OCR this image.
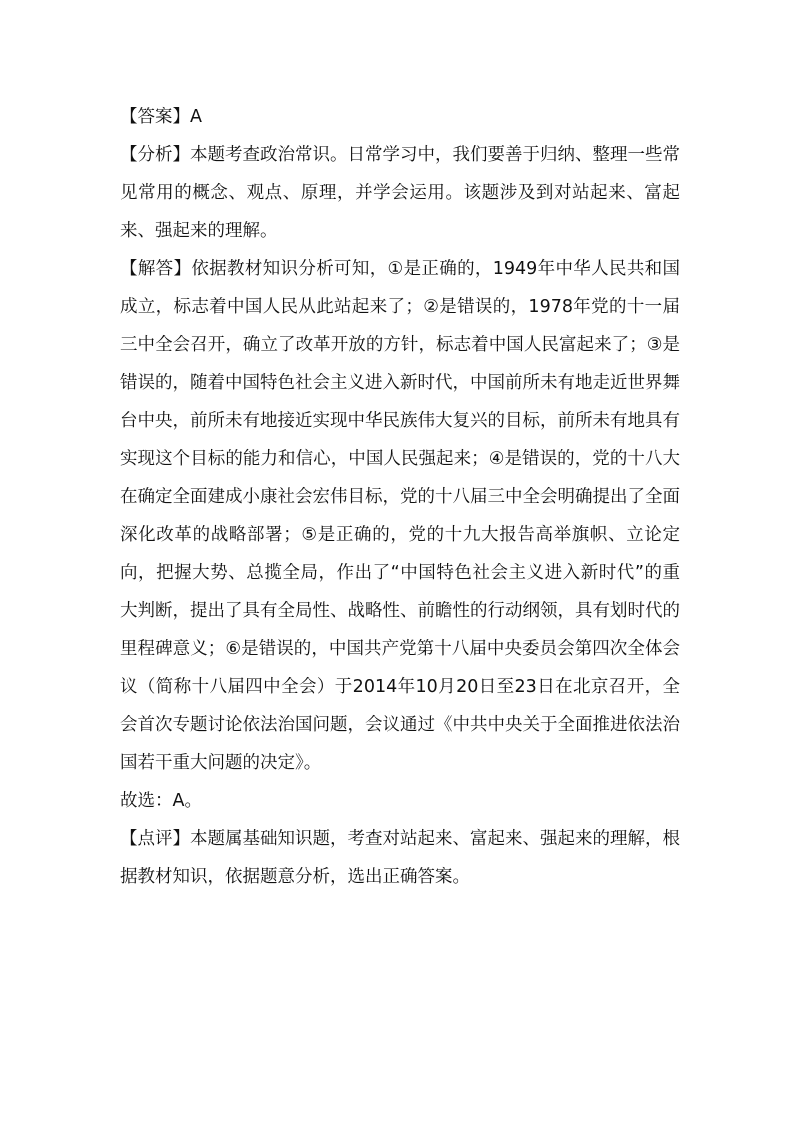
【答案】A

【分析】本题考查政治常识。日常学习中，我们要善于归纳、整理一些常见常用的概念、观点、原理，并学会运用。该题涉及到对站起来、富起来、强起来的理解。

【解答】依据教材知识分析可知，①是正确的，1949年中华人民共和国成立，标志着中国人民从此站起来了；②是错误的，1978年党的十一届三中全会召开，确立了改革开放的方针，标志着中国人民富起来了；③是错误的，随着中国特色社会主义进入新时代，中国前所未有地走近世界舞台中央，前所未有地接近实现中华民族伟大复兴的目标，前所未有地具有实现这个目标的能力和信心，中国人民强起来；④是错误的，党的十八大在确定全面建成小康社会宏伟目标，党的十八届三中全会明确提出了全面深化改革的战略部署；⑤是正确的，党的十九大报告高举旗帜、立论定向，把握大势、总揽全局，作出了“中国特色社会主义进入新时代”的重大判断，提出了具有全局性、战略性、前瞻性的行动纲领，具有划时代的里程碑意义；⑥是错误的，中国共产党第十八届中央委员会第四次全体会议（简称十八届四中全会）于2014年10月20日至23日在北京召开，全会首次专题讨论依法治国问题，会议通过《中共中央关于全面推进依法治国若干重大问题的决定》。

故选：A。

【点评】本题属基础知识题，考查对站起来、富起来、强起来的理解，根据教材知识，依据题意分析，选出正确答案。
